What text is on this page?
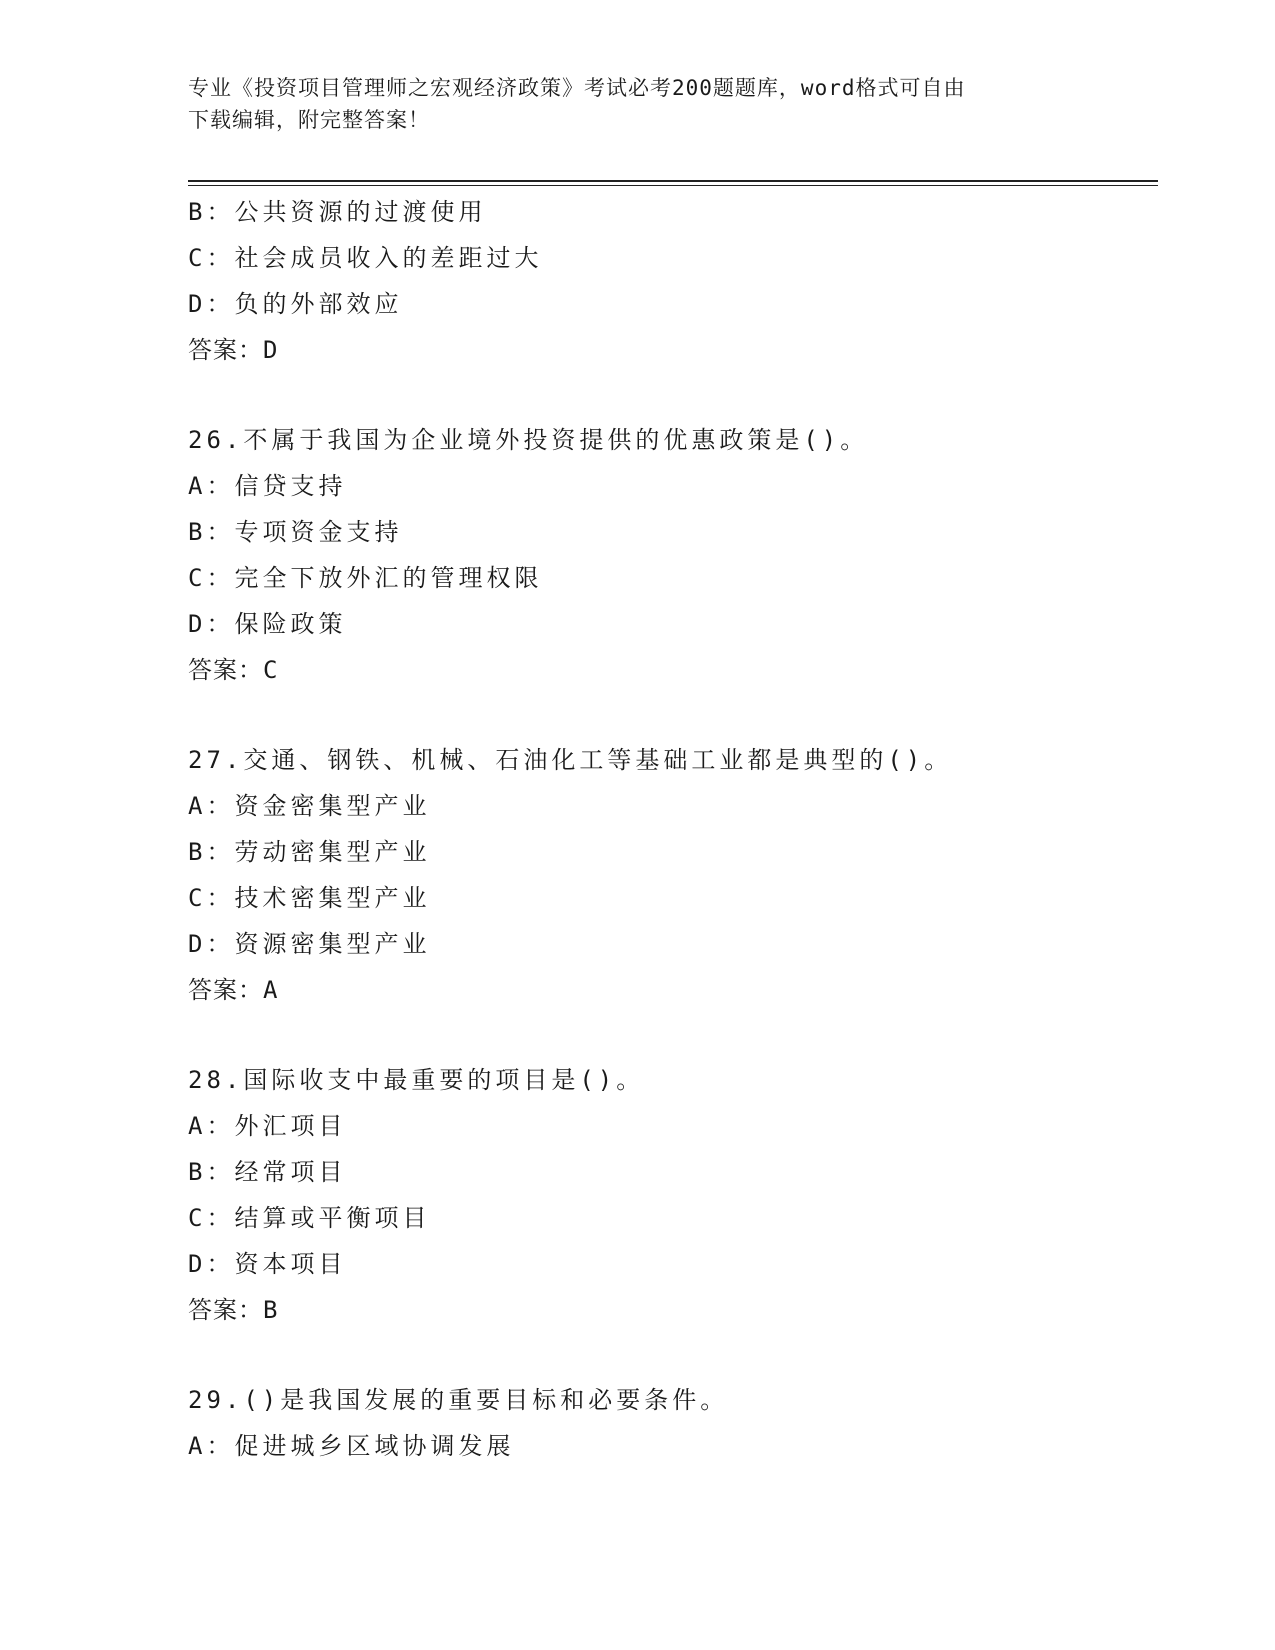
专业《投资项目管理师之宏观经济政策》考试必考200题题库，word格式可自由
下载编辑，附完整答案！
B：公共资源的过渡使用
C：社会成员收入的差距过大
D：负的外部效应
答案：D
26.不属于我国为企业境外投资提供的优惠政策是()。
A：信贷支持
B：专项资金支持
C：完全下放外汇的管理权限
D：保险政策
答案：C
27.交通、钢铁、机械、石油化工等基础工业都是典型的()。
A：资金密集型产业
B：劳动密集型产业
C：技术密集型产业
D：资源密集型产业
答案：A
28.国际收支中最重要的项目是()。
A：外汇项目
B：经常项目
C：结算或平衡项目
D：资本项目
答案：B
29.()是我国发展的重要目标和必要条件。
A：促进城乡区域协调发展
